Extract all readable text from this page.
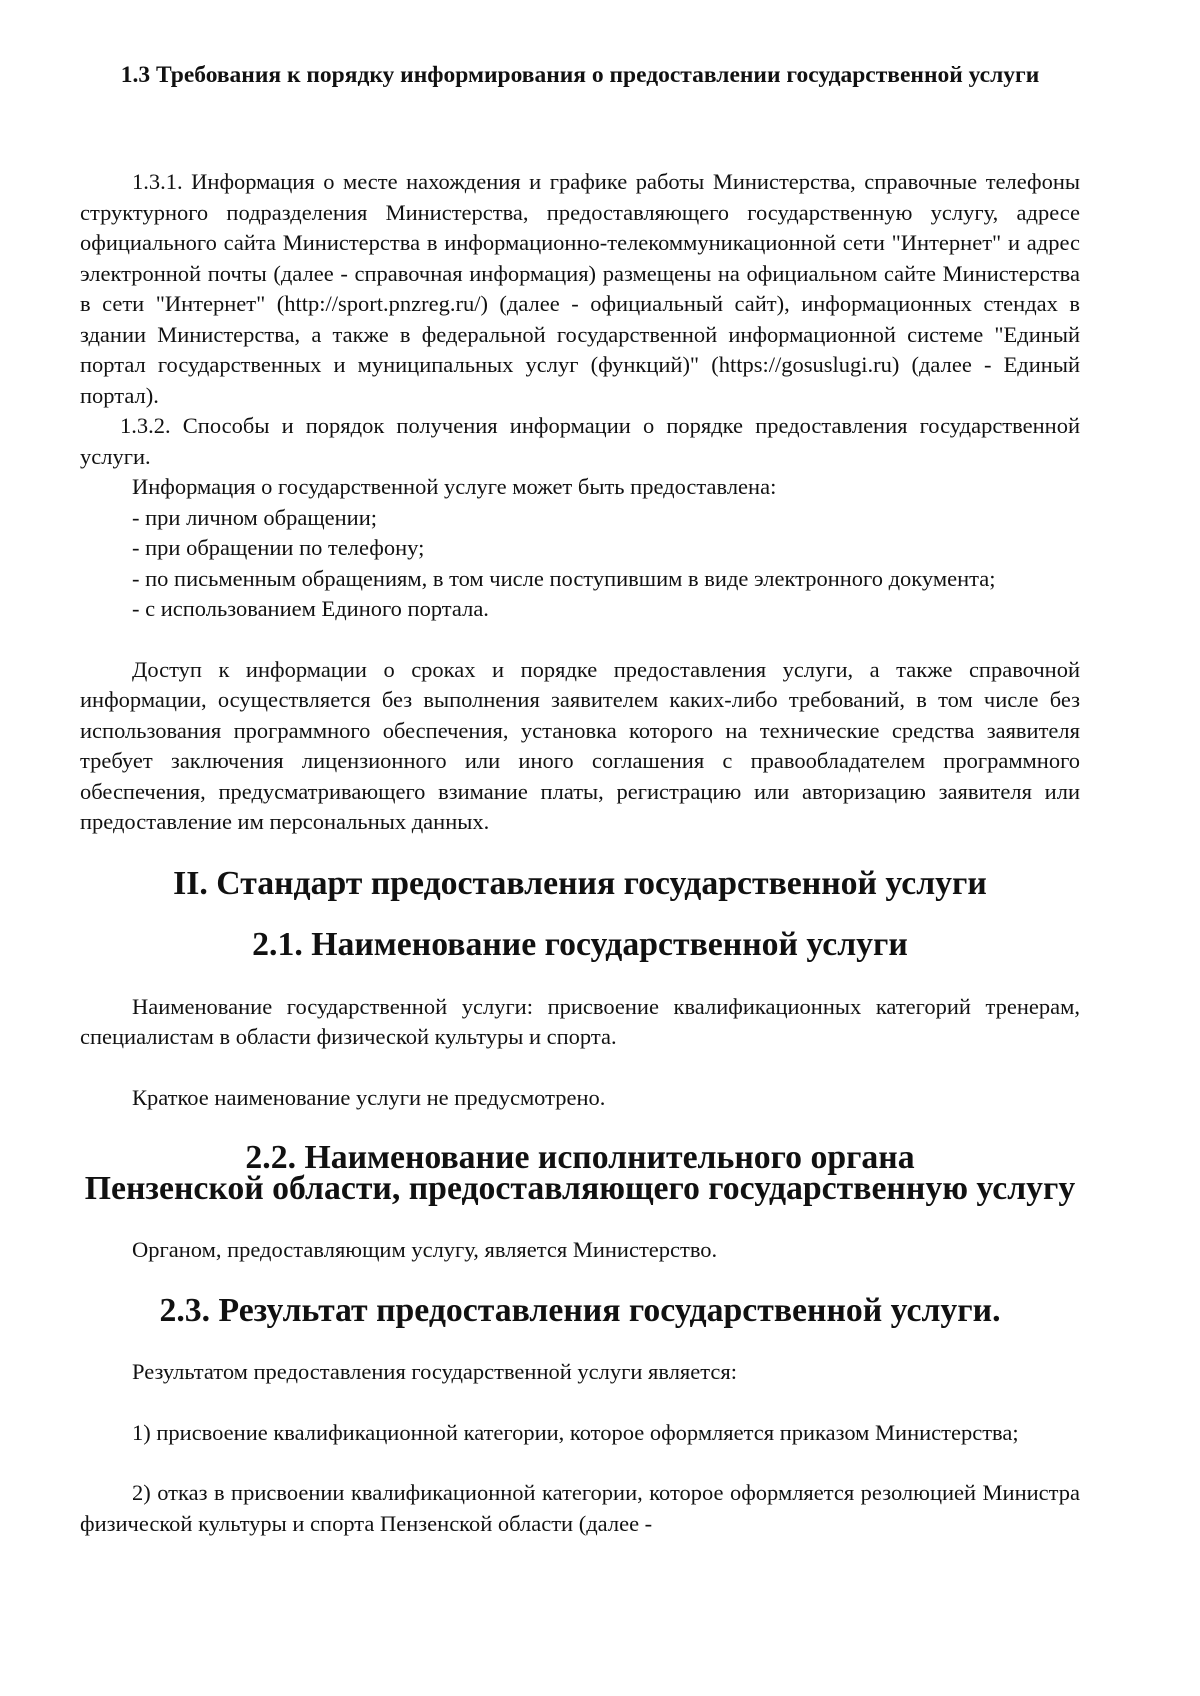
1.3 Требования к порядку информирования о предоставлении государственной услуги

1.3.1. Информация о месте нахождения и графике работы Министерства, справочные телефоны структурного подразделения Министерства, предоставляющего государственную услугу, адресе официального сайта Министерства в информационно-телекоммуникационной сети "Интернет" и адрес электронной почты (далее - справочная информация) размещены на официальном сайте Министерства в сети "Интернет" (http://sport.pnzreg.ru/) (далее - официальный сайт), информационных стендах в здании Министерства, а также в федеральной государственной информационной системе "Единый портал государственных и муниципальных услуг (функций)" (https://gosuslugi.ru) (далее - Единый портал).

1.3.2. Способы и порядок получения информации о порядке предоставления государственной услуги.

Информация о государственной услуге может быть предоставлена:

- при личном обращении;

- при обращении по телефону;

- по письменным обращениям, в том числе поступившим в виде электронного документа;

- с использованием Единого портала.

Доступ к информации о сроках и порядке предоставления услуги, а также справочной информации, осуществляется без выполнения заявителем каких-либо требований, в том числе без использования программного обеспечения, установка которого на технические средства заявителя требует заключения лицензионного или иного соглашения с правообладателем программного обеспечения, предусматривающего взимание платы, регистрацию или авторизацию заявителя или предоставление им персональных данных.

II. Стандарт предоставления государственной услуги
2.1. Наименование государственной услуги

Наименование государственной услуги: присвоение квалификационных категорий тренерам, специалистам в области физической культуры и спорта.

Краткое наименование услуги не предусмотрено.

2.2. Наименование исполнительного органа
Пензенской области, предоставляющего государственную услугу

Органом, предоставляющим услугу, является Министерство.

2.3. Результат предоставления государственной услуги.

Результатом предоставления государственной услуги является:

1) присвоение квалификационной категории, которое оформляется приказом Министерства;

2) отказ в присвоении квалификационной категории, которое оформляется резолюцией Министра физической культуры и спорта Пензенской области (далее -
